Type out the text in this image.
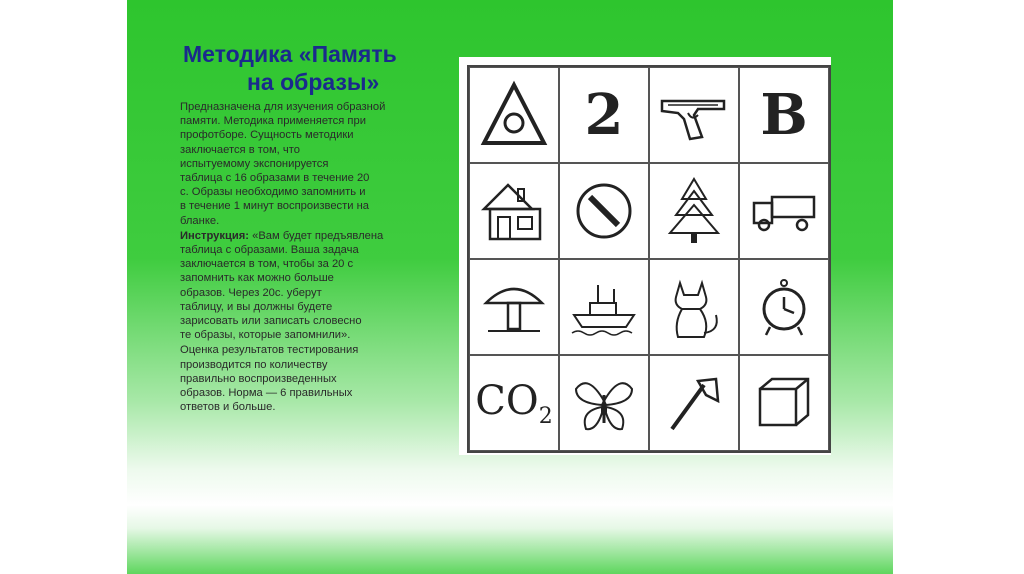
Методика «Память
на образы»
Предназначена для изучения образной
памяти. Методика применяется при
профотборе. Сущность методики
заключается в том, что
испытуемому экспонируется
таблица с 16 образами в течение 20
с. Образы необходимо запомнить и
в течение 1 минут воспроизвести на
бланке.
Инструкция: «Вам будет предъявлена
таблица с образами. Ваша задача
заключается в том, чтобы за 20 с
запомнить как можно больше
образов. Через 20с. уберут
таблицу, и вы должны будете
зарисовать или записать словесно
те образы, которые запомнили».
Оценка результатов тестирования
производится по количеству
правильно воспроизведенных
образов. Норма — 6 правильных
ответов и больше.
2 В
$CO_2$
